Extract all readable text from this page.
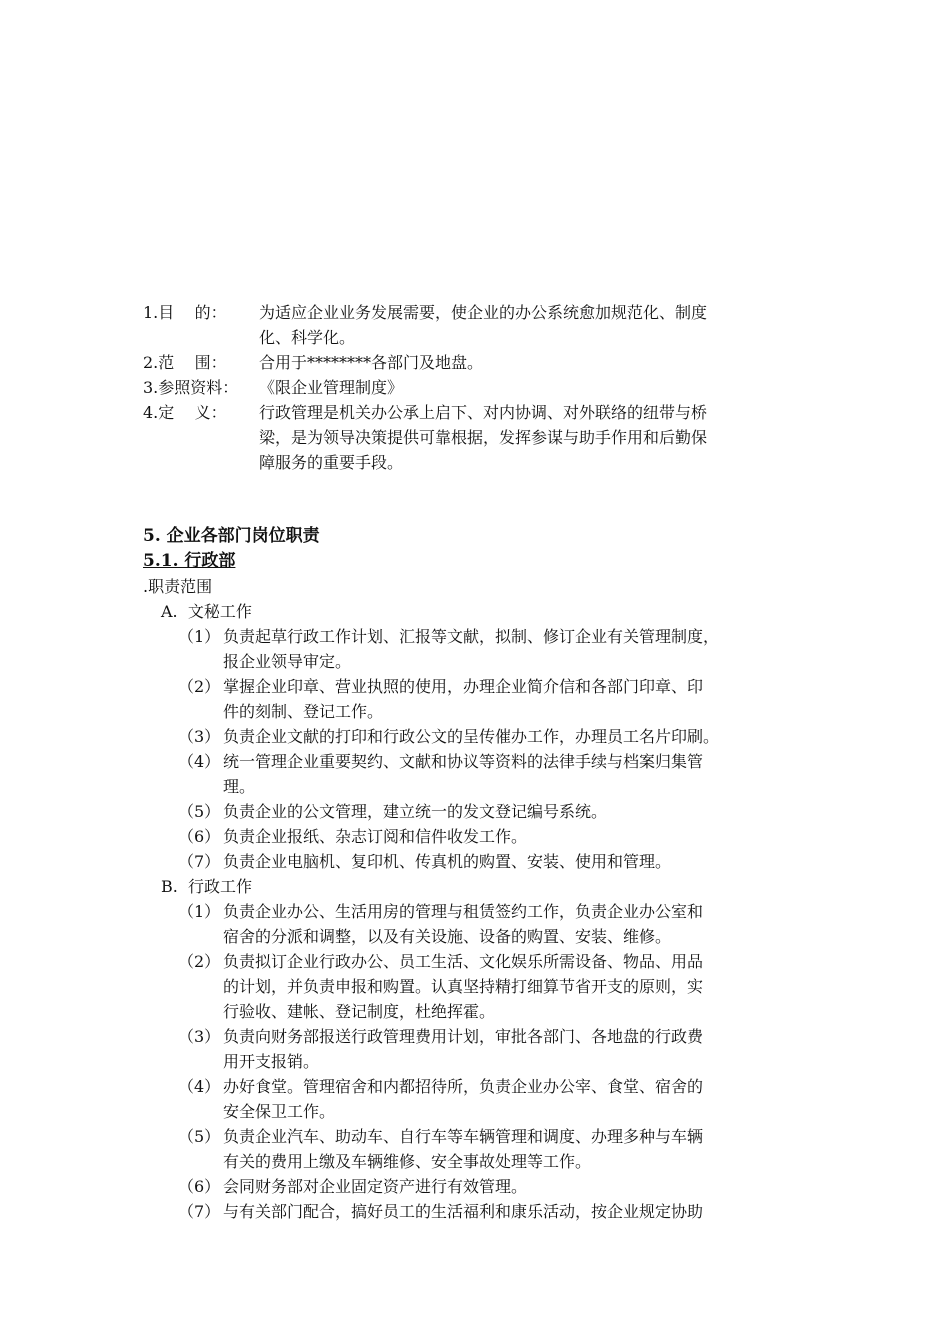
1.目    的： 为适应企业业务发展需要，使企业的办公系统愈加规范化、制度
化、科学化。
2.范    围： 合用于********各部门及地盘。
3.参照资料： 《限企业管理制度》
4.定    义： 行政管理是机关办公承上启下、对内协调、对外联络的纽带与桥
梁，是为领导决策提供可靠根据，发挥参谋与助手作用和后勤保
障服务的重要手段。
5. 企业各部门岗位职责
5.1. 行政部
.职责范围
A.  文秘工作
（1） 负责起草行政工作计划、汇报等文献，拟制、修订企业有关管理制度，
报企业领导审定。
（2） 掌握企业印章、营业执照的使用，办理企业简介信和各部门印章、印
件的刻制、登记工作。
（3） 负责企业文献的打印和行政公文的呈传催办工作，办理员工名片印刷。
（4） 统一管理企业重要契约、文献和协议等资料的法律手续与档案归集管
理。
（5） 负责企业的公文管理，建立统一的发文登记编号系统。
（6） 负责企业报纸、杂志订阅和信件收发工作。
（7） 负责企业电脑机、复印机、传真机的购置、安装、使用和管理。
B.  行政工作
（1） 负责企业办公、生活用房的管理与租赁签约工作，负责企业办公室和
宿舍的分派和调整，以及有关设施、设备的购置、安装、维修。
（2） 负责拟订企业行政办公、员工生活、文化娱乐所需设备、物品、用品
的计划，并负责申报和购置。认真坚持精打细算节省开支的原则，实
行验收、建帐、登记制度，杜绝挥霍。
（3） 负责向财务部报送行政管理费用计划，审批各部门、各地盘的行政费
用开支报销。
（4） 办好食堂。管理宿舍和内都招待所，负责企业办公宰、食堂、宿舍的
安全保卫工作。
（5） 负责企业汽车、助动车、自行车等车辆管理和调度、办理多种与车辆
有关的费用上缴及车辆维修、安全事故处理等工作。
（6） 会同财务部对企业固定资产进行有效管理。
（7） 与有关部门配合，搞好员工的生活福利和康乐活动，按企业规定协助
